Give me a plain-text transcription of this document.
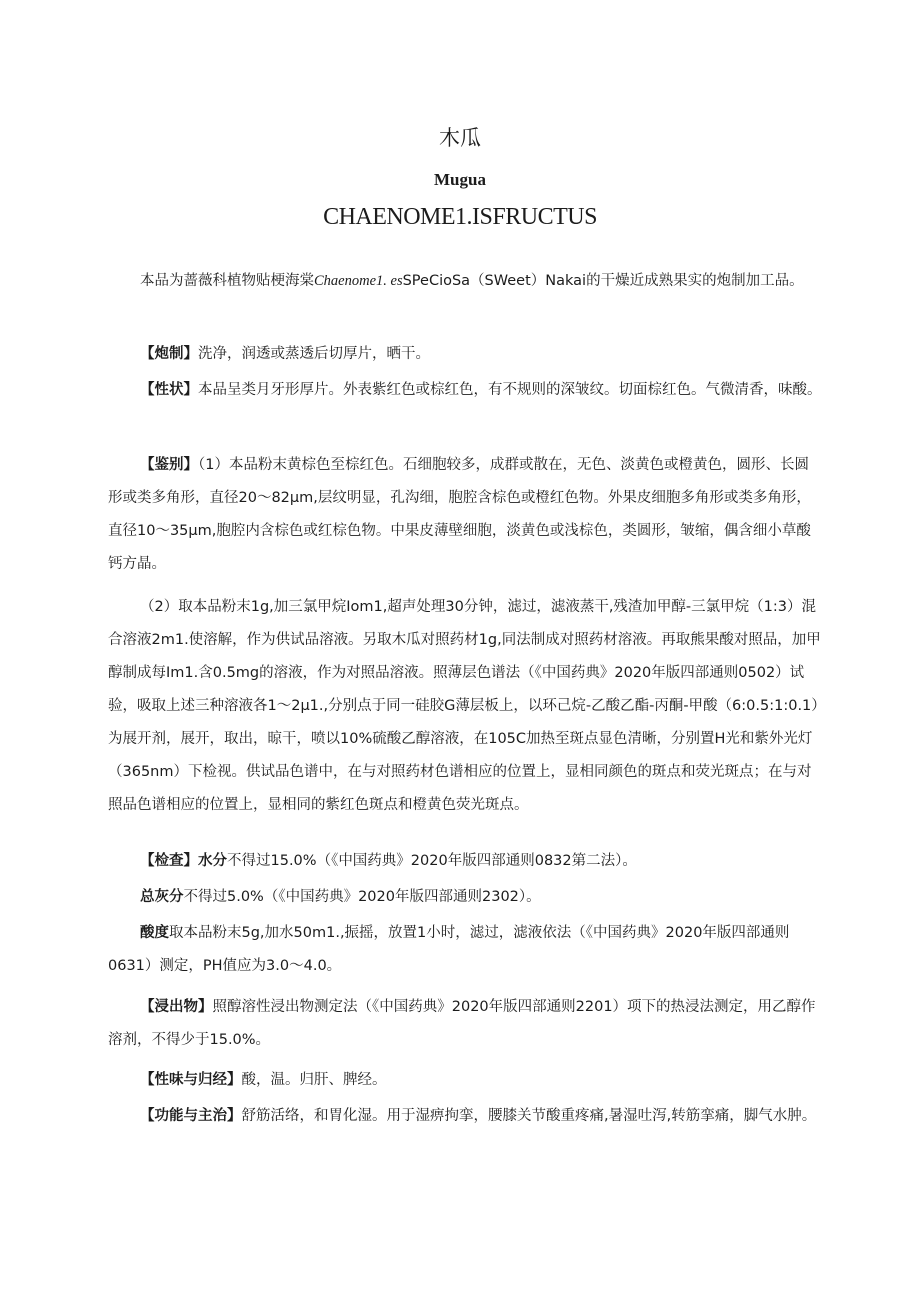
木瓜
Mugua
CHAENOME1.ISFRUCTUS

本品为蔷薇科植物贴梗海棠Chaenome1. esSPeCioSa（SWeet）Nakai的干燥近成熟果实的炮制加工品。

【炮制】洗净，润透或蒸透后切厚片，晒干。

【性状】本品呈类月牙形厚片。外表紫红色或棕红色，有不规则的深皱纹。切面棕红色。气微清香，味酸。

【鉴别】（1）本品粉末黄棕色至棕红色。石细胞较多，成群或散在，无色、淡黄色或橙黄色，圆形、长圆形或类多角形，直径20～82μm,层纹明显，孔沟细，胞腔含棕色或橙红色物。外果皮细胞多角形或类多角形，直径10～35μm,胞腔内含棕色或红棕色物。中果皮薄壁细胞，淡黄色或浅棕色，类圆形，皱缩，偶含细小草酸钙方晶。

（2）取本品粉末1g,加三氯甲烷Iom1,超声处理30分钟，滤过，滤液蒸干,残渣加甲醇-三氯甲烷（1:3）混合溶液2m1.使溶解，作为供试品溶液。另取木瓜对照药材1g,同法制成对照药材溶液。再取熊果酸对照品，加甲醇制成每Im1.含0.5mg的溶液，作为对照品溶液。照薄层色谱法（《中国药典》2020年版四部通则0502）试验，吸取上述三种溶液各1～2μ1.,分别点于同一硅胶G薄层板上，以环己烷-乙酸乙酯-丙酮-甲酸（6:0.5:1:0.1）为展开剂，展开，取出，晾干，喷以10%硫酸乙醇溶液，在105C加热至斑点显色清晰，分别置H光和紫外光灯（365nm）下检视。供试品色谱中，在与对照药材色谱相应的位置上，显相同颜色的斑点和荧光斑点；在与对照品色谱相应的位置上，显相同的紫红色斑点和橙黄色荧光斑点。

【检查】水分不得过15.0%（《中国药典》2020年版四部通则0832第二法）。

总灰分不得过5.0%（《中国药典》2020年版四部通则2302）。

酸度取本品粉末5g,加水50m1.,振摇，放置1小时，滤过，滤液依法（《中国药典》2020年版四部通则0631）测定，PH值应为3.0～4.0。

【浸出物】照醇溶性浸出物测定法（《中国药典》2020年版四部通则2201）项下的热浸法测定，用乙醇作溶剂，不得少于15.0%。

【性味与归经】酸，温。归肝、脾经。

【功能与主治】舒筋活络，和胃化湿。用于湿痹拘挛，腰膝关节酸重疼痛,暑湿吐泻,转筋挛痛，脚气水肿。
